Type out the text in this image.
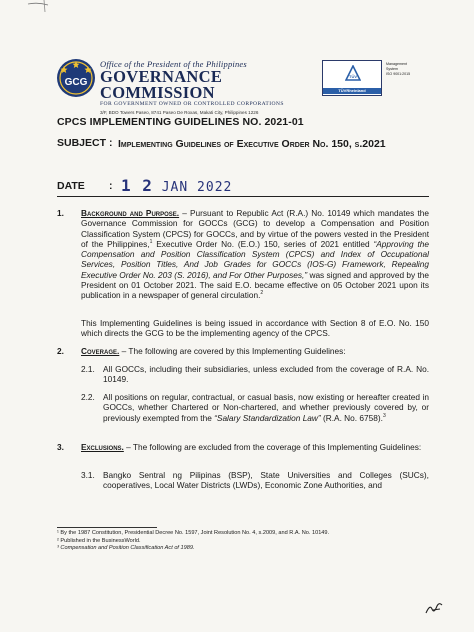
GCG
Office of the President of the Philippines
GOVERNANCE COMMISSION
FOR GOVERNMENT OWNED OR CONTROLLED CORPORATIONS
3/F, BDO Towers Paseo, 8741 Paseo De Roxas, Makati City, Philippines 1226
TÜV
TÜVRheinland
Management
System
ISO 9001:2015
CPCS IMPLEMENTING GUIDELINES NO. 2021-01
SUBJECT : Implementing Guidelines of Executive Order No. 150, s.2021
DATE : 1 2 JAN 2022
1. Background and Purpose. – Pursuant to Republic Act (R.A.) No. 10149 which mandates the Governance Commission for GOCCs (GCG) to develop a Compensation and Position Classification System (CPCS) for GOCCs, and by virtue of the powers vested in the President of the Philippines,$^1$ Executive Order No. (E.O.) 150, series of 2021 entitled “Approving the Compensation and Position Classification System (CPCS) and Index of Occupational Services, Position Titles, And Job Grades for GOCCs (IOS-G) Framework, Repealing Executive Order No. 203 (S. 2016), and For Other Purposes,” was signed and approved by the President on 01 October 2021. The said E.O. became effective on 05 October 2021 upon its publication in a newspaper of general circulation.$^2$
This Implementing Guidelines is being issued in accordance with Section 8 of E.O. No. 150 which directs the GCG to be the implementing agency of the CPCS.
2. Coverage. – The following are covered by this Implementing Guidelines:
2.1. All GOCCs, including their subsidiaries, unless excluded from the coverage of R.A. No. 10149.
2.2. All positions on regular, contractual, or casual basis, now existing or hereafter created in GOCCs, whether Chartered or Non-chartered, and whether previously covered by, or previously exempted from the “Salary Standardization Law” (R.A. No. 6758).$^3$
3. Exclusions. – The following are excluded from the coverage of this Implementing Guidelines:
3.1. Bangko Sentral ng Pilipinas (BSP), State Universities and Colleges (SUCs), cooperatives, Local Water Districts (LWDs), Economic Zone Authorities, and
¹ By the 1987 Constitution, Presidential Decree No. 1597, Joint Resolution No. 4, s.2009, and R.A. No. 10149.
² Published in the BusinessWorld.
³ Compensation and Position Classification Act of 1989.
